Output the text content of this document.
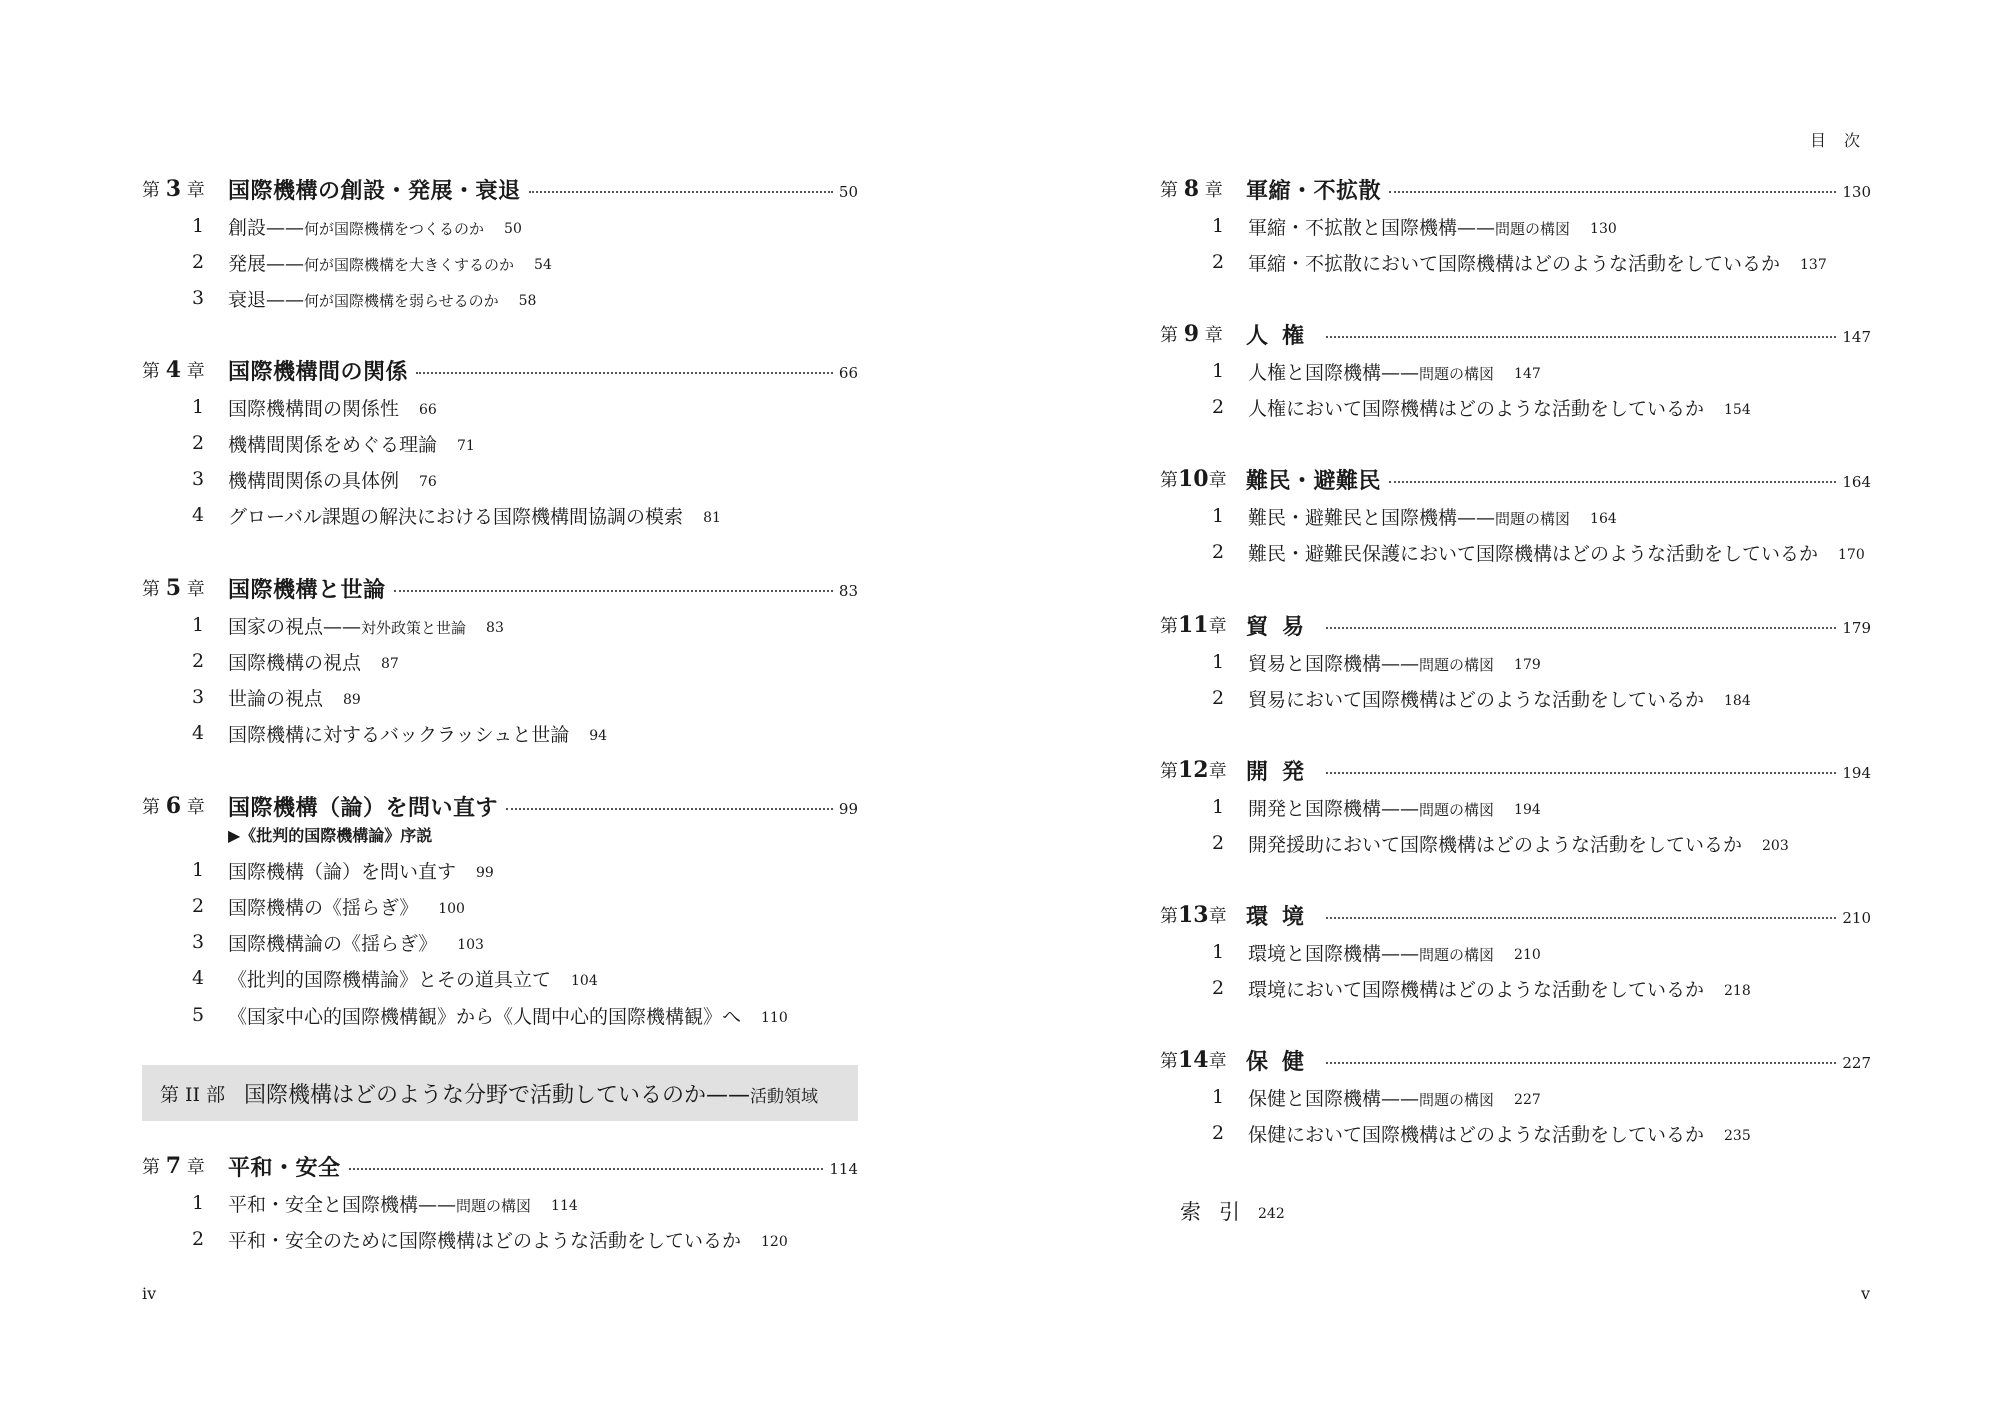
第 3 章	国際機構の創設・発展・衰退	50
1	創設——何が国際機構をつくるのか 50
2	発展——何が国際機構を大きくするのか 54
3	衰退——何が国際機構を弱らせるのか 58
第 4 章	国際機構間の関係	66
1	国際機構間の関係性 66
2	機構間関係をめぐる理論 71
3	機構間関係の具体例 76
4	グローバル課題の解決における国際機構間協調の模索 81
第 5 章	国際機構と世論	83
1	国家の視点——対外政策と世論 83
2	国際機構の視点 87
3	世論の視点 89
4	国際機構に対するバックラッシュと世論 94
第 6 章	国際機構（論）を問い直す	99
▶《批判的国際機構論》序説
1	国際機構（論）を問い直す 99
2	国際機構の《揺らぎ》 100
3	国際機構論の《揺らぎ》 103
4	《批判的国際機構論》とその道具立て 104
5	《国家中心的国際機構観》から《人間中心的国際機構観》へ 110
第 II 部 国際機構はどのような分野で活動しているのか——活動領域
第 7 章	平和・安全	114
1	平和・安全と国際機構——問題の構図 114
2	平和・安全のために国際機構はどのような活動をしているか 120
iv
目次
第 8 章	軍縮・不拡散	130
1	軍縮・不拡散と国際機構——問題の構図 130
2	軍縮・不拡散において国際機構はどのような活動をしているか 137
第 9 章	人権	147
1	人権と国際機構——問題の構図 147
2	人権において国際機構はどのような活動をしているか 154
第10章 難民・避難民	164
1	難民・避難民と国際機構——問題の構図 164
2	難民・避難民保護において国際機構はどのような活動をしているか 170
第11章 貿易	179
1	貿易と国際機構——問題の構図 179
2	貿易において国際機構はどのような活動をしているか 184
第12章 開発	194
1	開発と国際機構——問題の構図 194
2	開発援助において国際機構はどのような活動をしているか 203
第13章 環境	210
1	環境と国際機構——問題の構図 210
2	環境において国際機構はどのような活動をしているか 218
第14章 保健	227
1	保健と国際機構——問題の構図 227
2	保健において国際機構はどのような活動をしているか 235
索引 242
v
